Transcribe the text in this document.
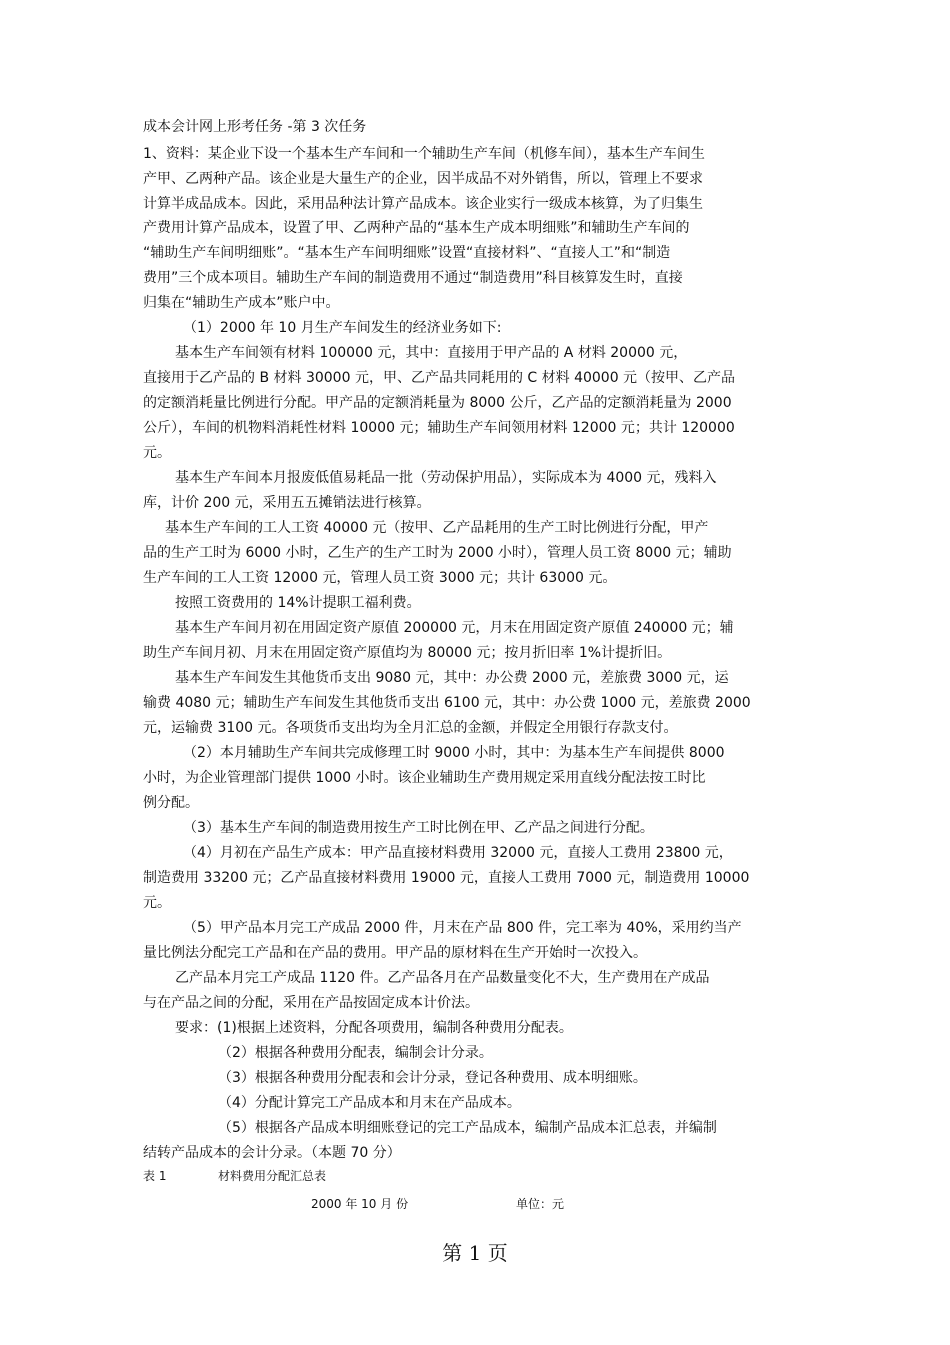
成本会计网上形考任务 -第 3 次任务
1、资料：某企业下设一个基本生产车间和一个辅助生产车间（机修车间），基本生产车间生
产甲、乙两种产品。该企业是大量生产的企业，因半成品不对外销售，所以，管理上不要求
计算半成品成本。因此，采用品种法计算产品成本。该企业实行一级成本核算，为了归集生
产费用计算产品成本，设置了甲、乙两种产品的“基本生产成本明细账”和辅助生产车间的
“辅助生产车间明细账”。“基本生产车间明细账”设置“直接材料”、“直接人工”和“制造
费用”三个成本项目。辅助生产车间的制造费用不通过“制造费用”科目核算发生时，直接
归集在“辅助生产成本”账户中。
（1）2000 年 10 月生产车间发生的经济业务如下:
基本生产车间领有材料 100000 元，其中：直接用于甲产品的 A 材料 20000 元，
直接用于乙产品的 B 材料 30000 元，甲、乙产品共同耗用的 C 材料 40000 元（按甲、乙产品
的定额消耗量比例进行分配。甲产品的定额消耗量为 8000 公斤，乙产品的定额消耗量为 2000
公斤），车间的机物料消耗性材料 10000 元；辅助生产车间领用材料 12000 元；共计 120000
元。
基本生产车间本月报废低值易耗品一批（劳动保护用品），实际成本为 4000 元，残料入
库，计价 200 元，采用五五摊销法进行核算。
基本生产车间的工人工资 40000 元（按甲、乙产品耗用的生产工时比例进行分配，甲产
品的生产工时为 6000 小时，乙生产的生产工时为 2000 小时），管理人员工资 8000 元；辅助
生产车间的工人工资 12000 元，管理人员工资 3000 元；共计 63000 元。
按照工资费用的 14%计提职工福利费。
基本生产车间月初在用固定资产原值 200000 元，月末在用固定资产原值 240000 元；辅
助生产车间月初、月末在用固定资产原值均为 80000 元；按月折旧率 1%计提折旧。
基本生产车间发生其他货币支出 9080 元，其中：办公费 2000 元，差旅费 3000 元，运
输费 4080 元；辅助生产车间发生其他货币支出 6100 元，其中：办公费 1000 元，差旅费 2000
元，运输费 3100 元。各项货币支出均为全月汇总的金额，并假定全用银行存款支付。
（2）本月辅助生产车间共完成修理工时 9000 小时，其中：为基本生产车间提供 8000
小时，为企业管理部门提供 1000 小时。该企业辅助生产费用规定采用直线分配法按工时比
例分配。
（3）基本生产车间的制造费用按生产工时比例在甲、乙产品之间进行分配。
（4）月初在产品生产成本：甲产品直接材料费用 32000 元，直接人工费用 23800 元，
制造费用 33200 元；乙产品直接材料费用 19000 元，直接人工费用 7000 元，制造费用 10000
元。
（5）甲产品本月完工产成品 2000 件，月末在产品 800 件，完工率为 40%，采用约当产
量比例法分配完工产品和在产品的费用。甲产品的原材料在生产开始时一次投入。
乙产品本月完工产成品 1120 件。乙产品各月在产品数量变化不大，生产费用在产成品
与在产品之间的分配，采用在产品按固定成本计价法。
要求：(1)根据上述资料，分配各项费用，编制各种费用分配表。
（2）根据各种费用分配表，编制会计分录。
（3）根据各种费用分配表和会计分录，登记各种费用、成本明细账。
（4）分配计算完工产品成本和月末在产品成本。
（5）根据各产品成本明细账登记的完工产品成本，编制产品成本汇总表，并编制
结转产品成本的会计分录。（本题 70 分）
表 1	材料费用分配汇总表
2000 年 10 月 份	单位：元
第 1 页
